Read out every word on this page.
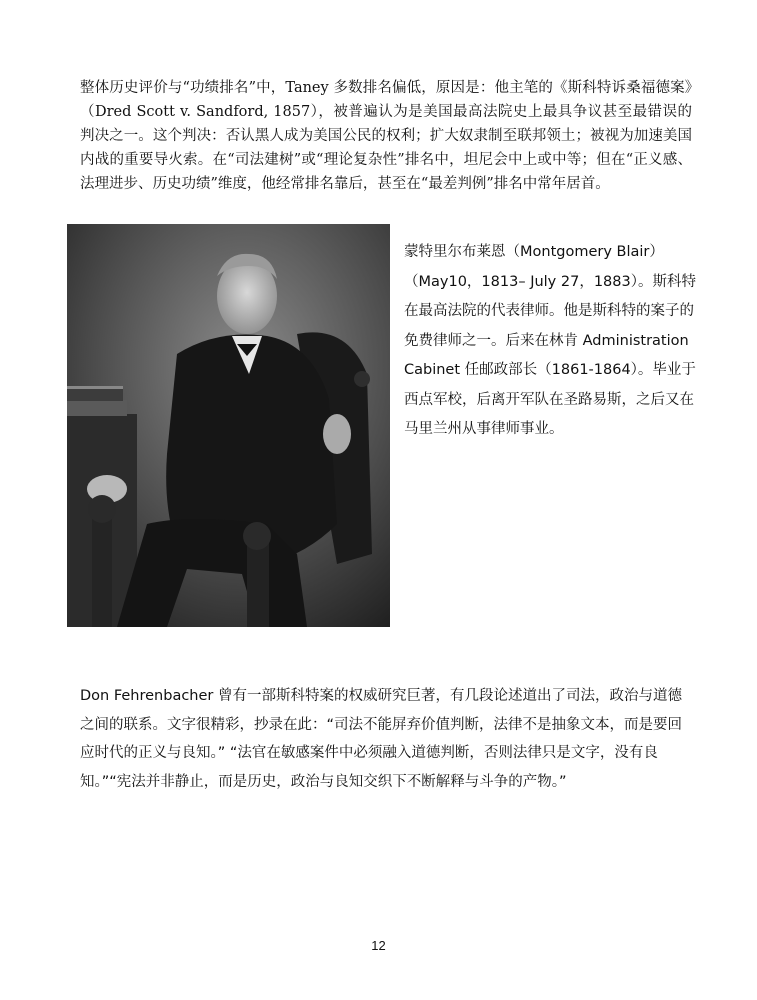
整体历史评价与“功绩排名”中，Taney 多数排名偏低，原因是：他主笔的《斯科特诉桑福德案》（Dred Scott v. Sandford, 1857），被普遍认为是美国最高法院史上最具争议甚至最错误的判决之一。这个判决：否认黑人成为美国公民的权利；扩大奴隶制至联邦领土；被视为加速美国内战的重要导火索。在“司法建树”或“理论复杂性”排名中，坦尼会中上或中等；但在“正义感、法理进步、历史功绩”维度，他经常排名靠后，甚至在“最差判例”排名中常年居首。

蒙特里尔布莱恩（Montgomery Blair）（May10，1813– July 27，1883）。斯科特在最高法院的代表律师。他是斯科特的案子的免费律师之一。后来在林肯 Administration Cabinet 任邮政部长（1861-1864）。毕业于西点军校，后离开军队在圣路易斯，之后又在马里兰州从事律师事业。

Don Fehrenbacher 曾有一部斯科特案的权威研究巨著，有几段论述道出了司法，政治与道德之间的联系。文字很精彩，抄录在此：“司法不能屏弃价值判断，法律不是抽象文本，而是要回应时代的正义与良知。” “法官在敏感案件中必须融入道德判断，否则法律只是文字，没有良知。”“宪法并非静止，而是历史，政治与良知交织下不断解释与斗争的产物。”

12
